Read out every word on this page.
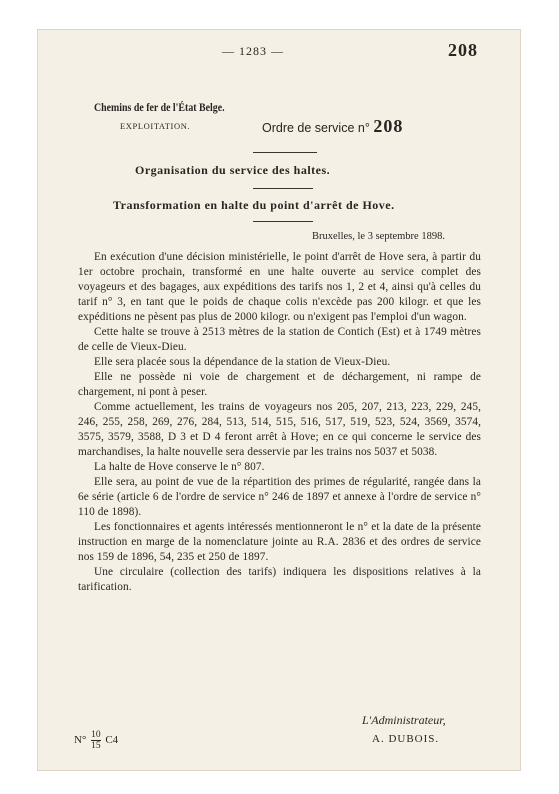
— 1283 —	208
Chemins de fer de l'État Belge.
EXPLOITATION.	Ordre de service n° 208
Organisation du service des haltes.
Transformation en halte du point d'arrêt de Hove.
Bruxelles, le 3 septembre 1898.

En exécution d'une décision ministérielle, le point d'arrêt de Hove sera, à partir du 1er octobre prochain, transformé en une halte ouverte au service complet des voyageurs et des bagages, aux expéditions des tarifs nos 1, 2 et 4, ainsi qu'à celles du tarif n° 3, en tant que le poids de chaque colis n'excède pas 200 kilogr. et que les expéditions ne pèsent pas plus de 2000 kilogr. ou n'exigent pas l'emploi d'un wagon.

Cette halte se trouve à 2513 mètres de la station de Contich (Est) et à 1749 mètres de celle de Vieux-Dieu.

Elle sera placée sous la dépendance de la station de Vieux-Dieu.

Elle ne possède ni voie de chargement et de déchargement, ni rampe de chargement, ni pont à peser.

Comme actuellement, les trains de voyageurs nos 205, 207, 213, 223, 229, 245, 246, 255, 258, 269, 276, 284, 513, 514, 515, 516, 517, 519, 523, 524, 3569, 3574, 3575, 3579, 3588, D 3 et D 4 feront arrêt à Hove; en ce qui concerne le service des marchandises, la halte nouvelle sera desservie par les trains nos 5037 et 5038.

La halte de Hove conserve le n° 807.

Elle sera, au point de vue de la répartition des primes de régularité, rangée dans la 6e série (article 6 de l'ordre de service n° 246 de 1897 et annexe à l'ordre de service n° 110 de 1898).

Les fonctionnaires et agents intéressés mentionneront le n° et la date de la présente instruction en marge de la nomenclature jointe au R.A. 2836 et des ordres de service nos 159 de 1896, 54, 235 et 250 de 1897.

Une circulaire (collection des tarifs) indiquera les dispositions relatives à la tarification.

L'Administrateur,
A. DUBOIS.
$N^\circ \frac{10}{15} C4$
